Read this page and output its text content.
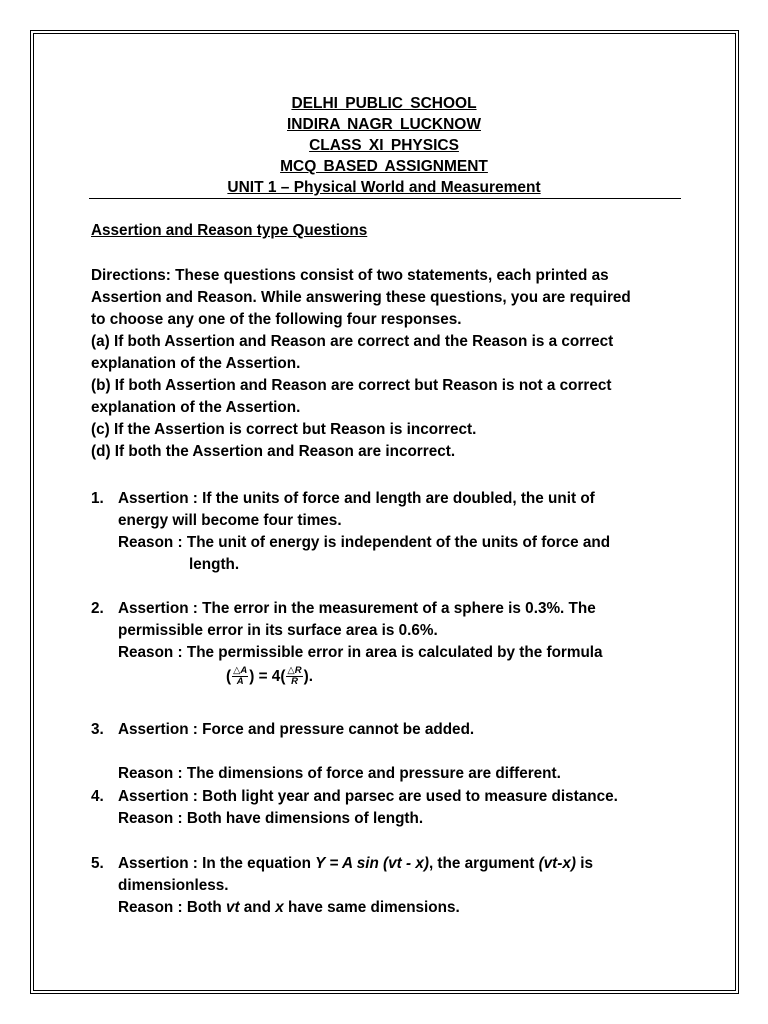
DELHI PUBLIC SCHOOL
INDIRA NAGR LUCKNOW
CLASS XI PHYSICS
MCQ BASED ASSIGNMENT
UNIT 1 – Physical World and Measurement
Assertion and Reason type Questions
Directions: These questions consist of two statements, each printed as
Assertion and Reason. While answering these questions, you are required
to choose any one of the following four responses.
(a) If both Assertion and Reason are correct and the Reason is a correct
explanation of the Assertion.
(b) If both Assertion and Reason are correct but Reason is not a correct
explanation of the Assertion.
(c) If the Assertion is correct but Reason is incorrect.
(d) If both the Assertion and Reason are incorrect.
1. Assertion : If the units of force and length are doubled, the unit of
energy will become four times.
Reason : The unit of energy is independent of the units of force and
length.
2. Assertion : The error in the measurement of a sphere is 0.3%. The
permissible error in its surface area is 0.6%.
Reason : The permissible error in area is calculated by the formula
( $\frac{\triangle A}{A}$ ) = $4( \frac{\triangle R}{R}$ ).
3. Assertion : Force and pressure cannot be added.
Reason : The dimensions of force and pressure are different.
4. Assertion : Both light year and parsec are used to measure distance.
Reason : Both have dimensions of length.
5. Assertion : In the equation Y = A sin (vt - x), the argument (vt-x) is
dimensionless.
Reason : Both vt and x have same dimensions.
